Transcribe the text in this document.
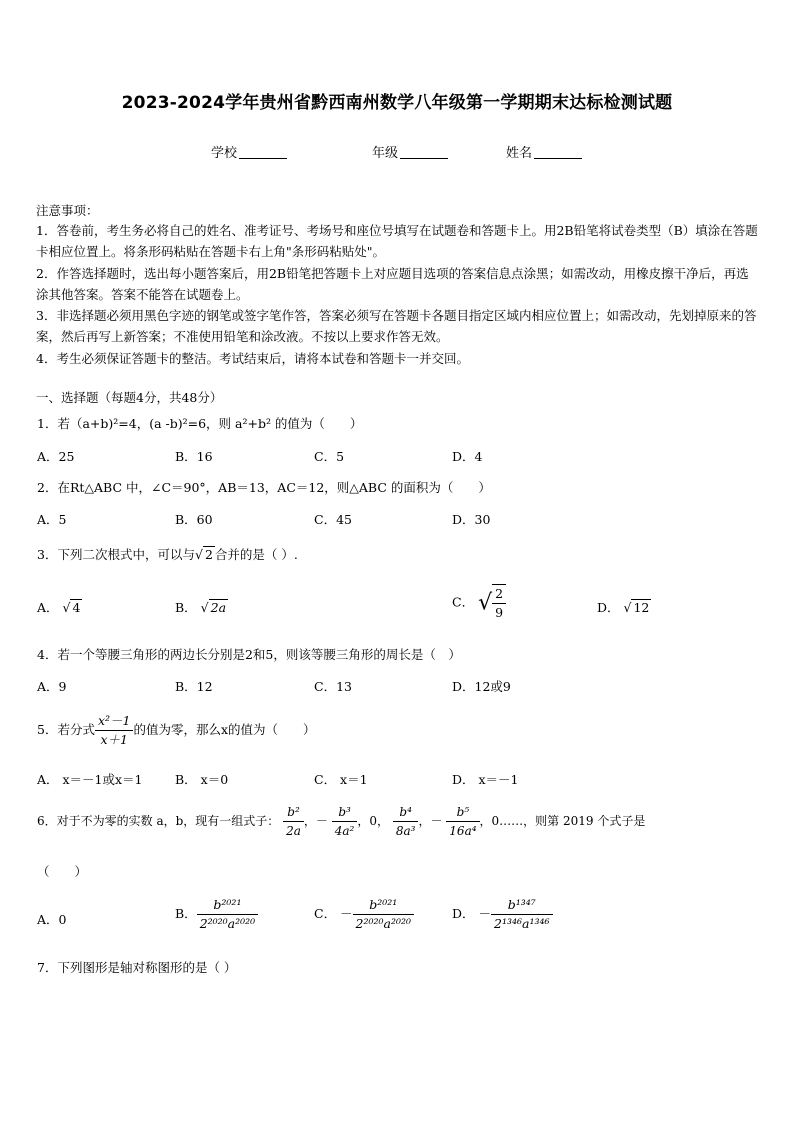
2023-2024学年贵州省黔西南州数学八年级第一学期期末达标检测试题
学校	年级	姓名
注意事项：
1．答卷前，考生务必将自己的姓名、准考证号、考场号和座位号填写在试题卷和答题卡上。用2B铅笔将试卷类型（B）填涂在答题卡相应位置上。将条形码粘贴在答题卡右上角"条形码粘贴处"。
2．作答选择题时，选出每小题答案后，用2B铅笔把答题卡上对应题目选项的答案信息点涂黑；如需改动，用橡皮擦干净后，再选涂其他答案。答案不能答在试题卷上。
3．非选择题必须用黑色字迹的钢笔或签字笔作答，答案必须写在答题卡各题目指定区域内相应位置上；如需改动，先划掉原来的答案，然后再写上新答案；不准使用铅笔和涂改液。不按以上要求作答无效。
4．考生必须保证答题卡的整洁。考试结束后，请将本试卷和答题卡一并交回。
一、选择题（每题4分，共48分）
1．若（a+b)²=4，(a -b)²=6，则 a²+b² 的值为（　　）
A．25	B．16	C．5	D．4
2．在Rt△ABC 中，∠C＝90°，AB＝13，AC＝12，则△ABC 的面积为（　　）
A．5	B．60	C．45	D．30
3．下列二次根式中，可以与√ 2 合并的是（ ）.
A． √ 4	B． √ 2a	C． √ $\frac{2}{9}$	D． √ 12
4．若一个等腰三角形的两边长分别是2和5，则该等腰三角形的周长是（　）
A．9	B．12	C．13	D．12或9
5．若分式 $\frac{\text{x²－1}}{x+1}$ 的值为零，那么x的值为（　　）
A． x＝－1或x＝1	B． x＝0	C． x＝1	D． x＝－1
6．对于不为零的实数 a，b，现有一组式子： $\frac{\text{b²}}{2a}$ ，－ $\frac{\text{b³}}{\text{4a²}}$ ，0， $\frac{\text{b⁴}}{\text{8a³}}$ ，－ $\frac{\text{b⁵}}{\text{16a⁴}}$ ，0……，则第 2019 个式子是
（　　）
A．0	B． $\frac{\text{b²⁰²¹}}{\text{2²⁰²⁰a²⁰²⁰}}$	C． － $\frac{\text{b²⁰²¹}}{\text{2²⁰²⁰a²⁰²⁰}}$	D． － $\frac{\text{b¹³⁴⁷}}{\text{2¹³⁴⁶a¹³⁴⁶}}$
7．下列图形是轴对称图形的是（ ）
